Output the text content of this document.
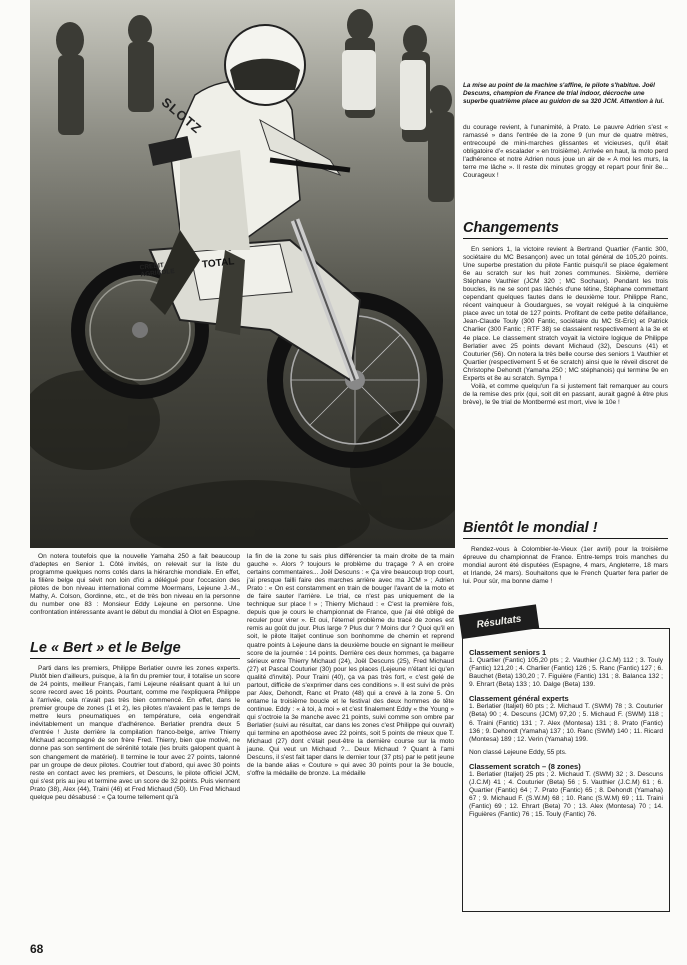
CREDIT AGRICOLE
TOTAL
SLOTZ
La mise au point de la machine s'affine, le pilote s'habitue. Joël Descuns, champion de France de trial indoor, décroche une superbe quatrième place au guidon de sa 320 JCM. Attention à lui.

du courage revient, à l'unanimité, à Prato. Le pauvre Adrien s'est « ramassé » dans l'entrée de la zone 9 (un mur de quatre mètres, entrecoupé de mini-marches glissantes et vicieuses, qu'il était obligatoire d'« escalader » en troisième). Arrivée en haut, la moto perd l'adhérence et notre Adrien nous joue un air de « A moi les murs, la terre me lâche ». Il reste dix minutes groggy et repart pour finir 8e... Courageux !

Changements

En seniors 1, la victoire revient à Bertrand Quartier (Fantic 300, sociétaire du MC Besançon) avec un total général de 105,20 points. Une superbe prestation du pilote Fantic puisqu'il se place également 6e au scratch sur les huit zones communes. Sixième, derrière Stéphane Vauthier (JCM 320 ; MC Sochaux). Pendant les trois boucles, ils ne se sont pas lâchés d'une tétine, Stéphane commettant cependant quelques fautes dans le deuxième tour. Philippe Ranc, récent vainqueur à Goudargues, se voyait relégué à la cinquième place avec un total de 127 points. Profitant de cette petite défaillance, Jean-Claude Touly (300 Fantic, sociétaire du MC St-Eric) et Patrick Charlier (300 Fantic ; RTF 38) se classaient respectivement à la 3e et 4e place. Le classement stratch voyait la victoire logique de Philippe Berlatier avec 25 points devant Michaud (32), Descuns (41) et Couturier (56). On notera la très belle course des seniors 1 Vauthier et Quartier (respectivement 5 et 6e scratch) ainsi que le réveil discret de Christophe Dehondt (Yamaha 250 ; MC stéphanois) qui termine 9e en Experts et 8e au scratch. Sympa !

Voilà, et comme quelqu'un l'a si justement fait remarquer au cours de la remise des prix (qui, soit dit en passant, aurait gagné à être plus brève), le 9e trial de Montbermé est mort, vive le 10e !

Bientôt le mondial !

Rendez-vous à Colombier-le-Vieux (1er avril) pour la troisième épreuve du championnat de France. Entre-temps trois manches du mondial auront été disputées (Espagne, 4 mars, Angleterre, 18 mars et Irlande, 24 mars). Souhaitons que le French Quarter fera parler de lui. Pour sûr, ma bonne dame !

On notera toutefois que la nouvelle Yamaha 250 a fait beaucoup d'adeptes en Senior 1. Côté invités, on relevait sur la liste du programme quelques noms cotés dans la hiérarchie mondiale. En effet, la filière belge qui sévit non loin d'ici a délégué pour l'occasion des pilotes de bon niveau international comme Moermans, Lejeune J.-M., Mathy, A. Colson, Gordinne, etc., et de très bon niveau en la personne du number one 83 : Monsieur Eddy Lejeune en personne. Une confrontation intéressante avant le début du mondial à Olot en Espagne.

Le « Bert » et le Belge

Parti dans les premiers, Philippe Berlatier ouvre les zones experts. Plutôt bien d'ailleurs, puisque, à la fin du premier tour, il totalise un score de 24 points, meilleur Français, l'ami Lejeune réalisant quant à lui un score record avec 16 points. Pourtant, comme me l'expliquera Philippe à l'arrivée, cela n'avait pas très bien commencé. En effet, dans le premier groupe de zones (1 et 2), les pilotes n'avaient pas le temps de mettre leurs pneumatiques en température, cela engendrait inévitablement un manque d'adhérence. Berlatier prendra deux 5 d'entrée ! Juste derrière la compilation franco-belge, arrive Thierry Michaud accompagné de son frère Fred. Thierry, bien que motivé, ne donne pas son sentiment de sérénité totale (les bruits galopent quant à son changement de matériel). Il termine le tour avec 27 points, talonné par un groupe de deux pilotes. Coutrier tout d'abord, qui avec 30 points reste en contact avec les premiers, et Descuns, le pilote officiel JCM, qui s'est pris au jeu et termine avec un score de 32 points. Puis viennent Prato (38), Alex (44), Traini (46) et Fred Michaud (50). Un Fred Michaud quelque peu désabusé : « Ça tourne tellement qu'à

la fin de la zone tu sais plus différencier ta main droite de ta main gauche ». Alors ? toujours le problème du traçage ? A en croire certains commentaires... Joël Descuns : « Ça vire beaucoup trop court, j'ai presque failli faire des marches arrière avec ma JCM » ; Adrien Prato : « On est constamment en train de bouger l'avant de la moto et de faire sauter l'arrière. Le trial, ce n'est pas uniquement de la technique sur place ! » ; Thierry Michaud : « C'est la première fois, depuis que je cours le championnat de France, que j'ai été obligé de reculer pour virer ». Et oui, l'éternel problème du tracé de zones est remis au goût du jour. Plus large ? Plus dur ? Moins dur ? Quoi qu'il en soit, le pilote Italjet continue son bonhomme de chemin et reprend quatre points à Lejeune dans la deuxième boucle en signant le meilleur score de la journée : 14 points. Derrière ces deux hommes, ça bagarre sérieux entre Thierry Michaud (24), Joël Descuns (25), Fred Michaud (27) et Pascal Couturier (30) pour les places (Lejeune n'étant ici qu'en qualité d'invité). Pour Traini (40), ça va pas très fort, « c'est gelé de partout, difficile de s'exprimer dans ces conditions ». Il est suivi de près par Alex, Dehondt, Ranc et Prato (48) qui a crevé à la zone 5. On entame la troisième boucle et le festival des deux hommes de tête continue. Eddy : « à toi, à moi » et c'est finalement Eddy « the Young » qui s'octroie la 3e manche avec 21 points, suivi comme son ombre par Berlatier (suivi au résultat, car dans les zones c'est Philippe qui ouvrait) qui termine en apothéose avec 22 points, soit 5 points de mieux que T. Michaud (27) dont c'était peut-être la dernière course sur la moto jaune. Qui veut un Michaud ?... Deux Michaud ? Quant à l'ami Descuns, il s'est fait taper dans le dernier tour (37 pts) par le petit jeune de la bande alias « Couture » qui avec 30 points pour la 3e boucle, s'offre la médaille de bronze. La médaille

Classement seniors 1
1. Quartier (Fantic) 105,20 pts ; 2. Vauthier (J.C.M) 112 ; 3. Touly (Fantic) 121,20 ; 4. Charlier (Fantic) 126 ; 5. Ranc (Fantic) 127 ; 6. Bauchet (Beta) 130,20 ; 7. Figuière (Fantic) 131 ; 8. Balanca 132 ; 9. Ehrart (Beta) 133 ; 10. Dalge (Beta) 139.
Classement général experts
1. Berlatier (Italjet) 60 pts ; 2. Michaud T. (SWM) 78 ; 3. Couturier (Beta) 90 ; 4. Descuns (JCM) 97,20 ; 5. Michaud F. (SWM) 118 ; 6. Traini (Fantic) 131 ; 7. Alex (Montesa) 131 ; 8. Prato (Fantic) 136 ; 9. Dehondt (Yamaha) 137 ; 10. Ranc (SWM) 140 ; 11. Ricard (Montesa) 189 ; 12. Verin (Yamaha) 199.
Non classé Lejeune Eddy, 55 pts.
Classement scratch – (8 zones)
1. Berlatier (Italjet) 25 pts ; 2. Michaud T. (SWM) 32 ; 3. Descuns (J.C.M) 41 ; 4. Couturier (Beta) 56 ; 5. Vauthier (J.C.M) 61 ; 6. Quartier (Fantic) 64 ; 7. Prato (Fantic) 65 ; 8. Dehondt (Yamaha) 67 ; 9. Michaud F. (S.W.M) 68 ; 10. Ranc (S.W.M) 69 ; 11. Traini (Fantic) 69 ; 12. Ehrart (Beta) 70 ; 13. Alex (Montesa) 70 ; 14. Figuières (Fantic) 76 ; 15. Touly (Fantic) 76.
Résultats
68
